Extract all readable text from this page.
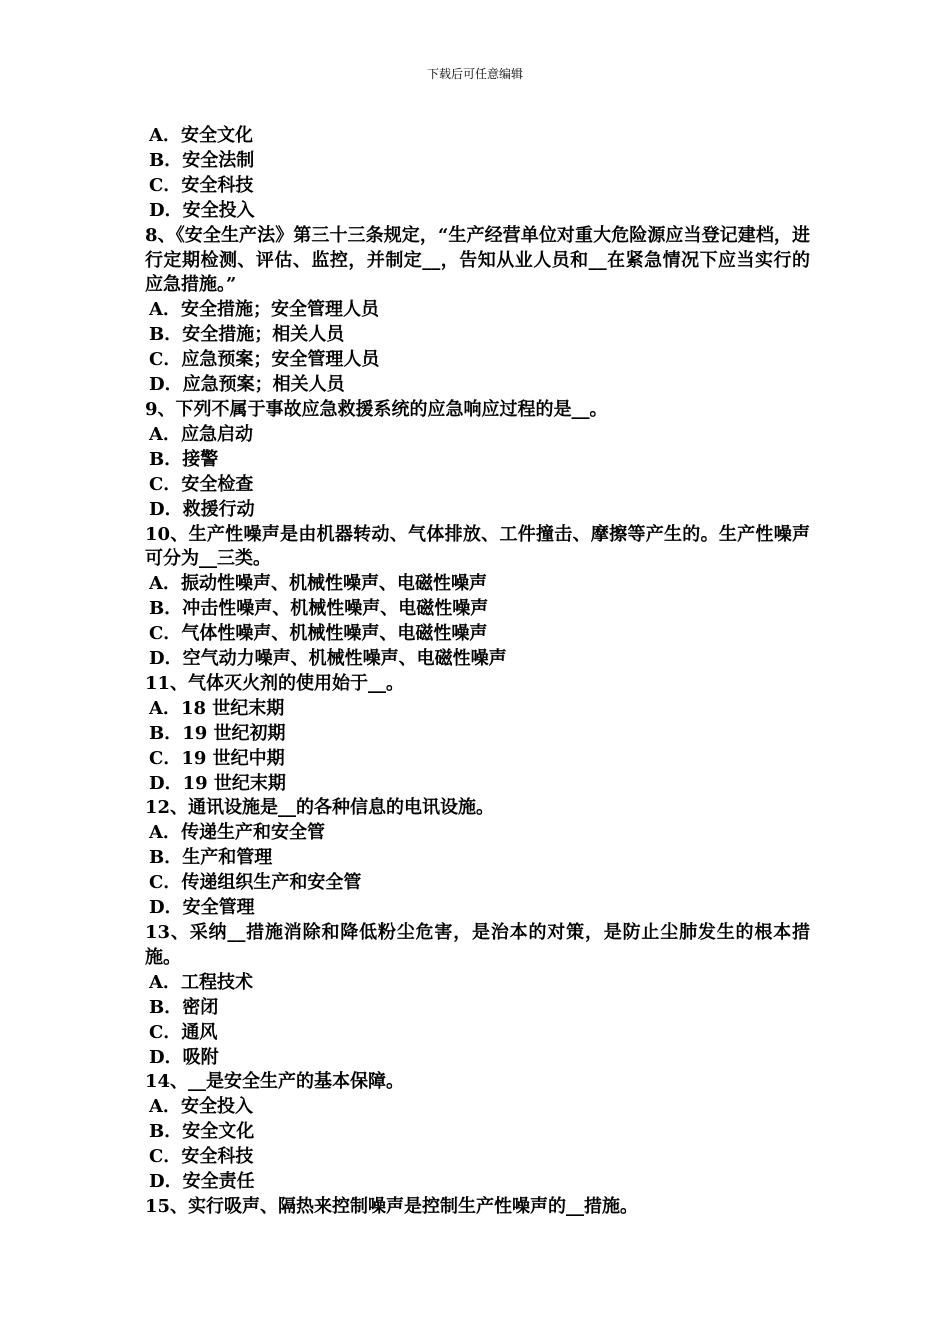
下载后可任意编辑
A．安全文化
B．安全法制
C．安全科技
D．安全投入
8、《安全生产法》第三十三条规定，“生产经营单位对重大危险源应当登记建档，进行定期检测、评估、监控，并制定__，告知从业人员和__在紧急情况下应当实行的应急措施。”
A．安全措施；安全管理人员
B．安全措施；相关人员
C．应急预案；安全管理人员
D．应急预案；相关人员
9、下列不属于事故应急救援系统的应急响应过程的是__。
A．应急启动
B．接警
C．安全检查
D．救援行动
10、生产性噪声是由机器转动、气体排放、工件撞击、摩擦等产生的。生产性噪声可分为__三类。
A．振动性噪声、机械性噪声、电磁性噪声
B．冲击性噪声、机械性噪声、电磁性噪声
C．气体性噪声、机械性噪声、电磁性噪声
D．空气动力噪声、机械性噪声、电磁性噪声
11、气体灭火剂的使用始于__。
A．18 世纪末期
B．19 世纪初期
C．19 世纪中期
D．19 世纪末期
12、通讯设施是__的各种信息的电讯设施。
A．传递生产和安全管
B．生产和管理
C．传递组织生产和安全管
D．安全管理
13、采纳__措施消除和降低粉尘危害，是治本的对策，是防止尘肺发生的根本措施。
A．工程技术
B．密闭
C．通风
D．吸附
14、__是安全生产的基本保障。
A．安全投入
B．安全文化
C．安全科技
D．安全责任
15、实行吸声、隔热来控制噪声是控制生产性噪声的__措施。
